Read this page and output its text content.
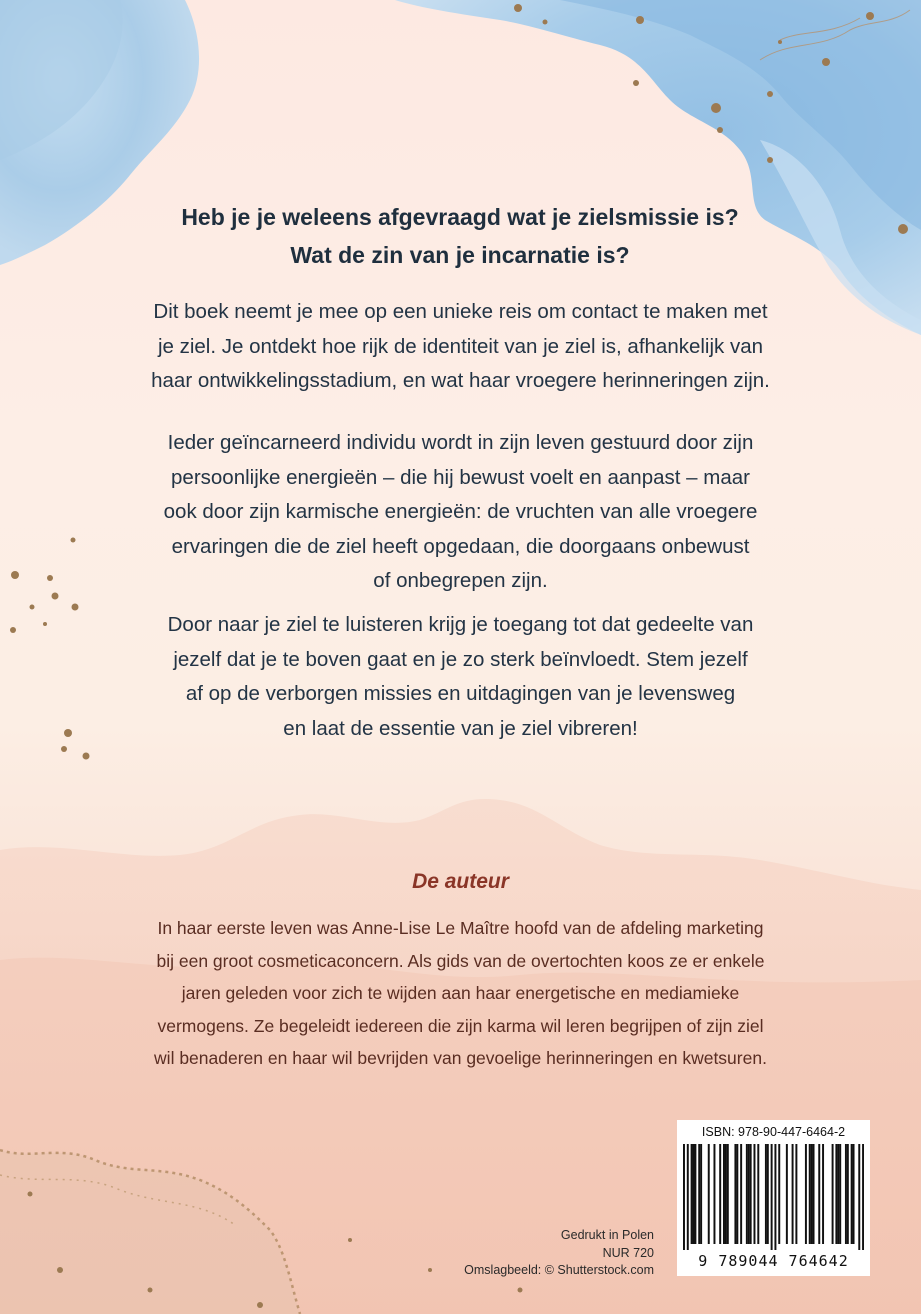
Heb je je weleens afgevraagd wat je zielsmissie is?
Wat de zin van je incarnatie is?
Dit boek neemt je mee op een unieke reis om contact te maken met
je ziel. Je ontdekt hoe rijk de identiteit van je ziel is, afhankelijk van
haar ontwikkelingsstadium, en wat haar vroegere herinneringen zijn.
Ieder geïncarneerd individu wordt in zijn leven gestuurd door zijn
persoonlijke energieën – die hij bewust voelt en aanpast – maar
ook door zijn karmische energieën: de vruchten van alle vroegere
ervaringen die de ziel heeft opgedaan, die doorgaans onbewust
of onbegrepen zijn.
Door naar je ziel te luisteren krijg je toegang tot dat gedeelte van
jezelf dat je te boven gaat en je zo sterk beïnvloedt. Stem jezelf
af op de verborgen missies en uitdagingen van je levensweg
en laat de essentie van je ziel vibreren!
De auteur
In haar eerste leven was Anne-Lise Le Maître hoofd van de afdeling marketing
bij een groot cosmeticaconcern. Als gids van de overtochten koos ze er enkele
jaren geleden voor zich te wijden aan haar energetische en mediamieke
vermogens. Ze begeleidt iedereen die zijn karma wil leren begrijpen of zijn ziel
wil benaderen en haar wil bevrijden van gevoelige herinneringen en kwetsuren.
Gedrukt in Polen
NUR 720
Omslagbeeld: © Shutterstock.com
ISBN: 978-90-447-6464-2
9 789044 764642
